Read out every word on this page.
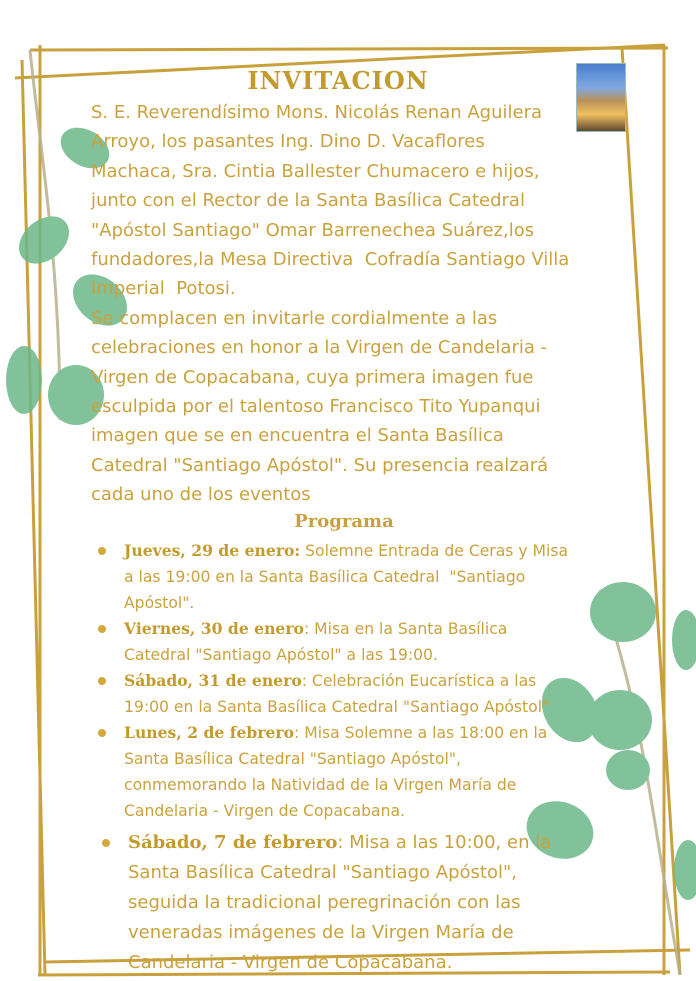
INVITACION
S. E. Reverendísimo Mons. Nicolás Renan Aguilera
Arroyo, los pasantes Ing. Dino D. Vacaflores
Machaca, Sra. Cintia Ballester Chumacero e hijos,
junto con el Rector de la Santa Basílica Catedral
"Apóstol Santiago" Omar Barrenechea Suárez,los
fundadores,la Mesa Directiva  Cofradía Santiago Villa
Imperial  Potosi.
Se complacen en invitarle cordialmente a las
celebraciones en honor a la Virgen de Candelaria -
Virgen de Copacabana, cuya primera imagen fue
esculpida por el talentoso Francisco Tito Yupanqui
imagen que se en encuentra el Santa Basílica
Catedral "Santiago Apóstol". Su presencia realzará
cada uno de los eventos
Programa
Jueves, 29 de enero: Solemne Entrada de Ceras y Misa
a las 19:00 en la Santa Basílica Catedral  "Santiago
Apóstol".
Viernes, 30 de enero: Misa en la Santa Basílica
Catedral "Santiago Apóstol" a las 19:00.
Sábado, 31 de enero: Celebración Eucarística a las
19:00 en la Santa Basílica Catedral "Santiago Apóstol"
Lunes, 2 de febrero: Misa Solemne a las 18:00 en la
Santa Basílica Catedral "Santiago Apóstol",
conmemorando la Natividad de la Virgen María de
Candelaria - Virgen de Copacabana.
Sábado, 7 de febrero: Misa a las 10:00, en la
Santa Basílica Catedral "Santiago Apóstol",
seguida la tradicional peregrinación con las
veneradas imágenes de la Virgen María de
Candelaria - Virgen de Copacabana.
